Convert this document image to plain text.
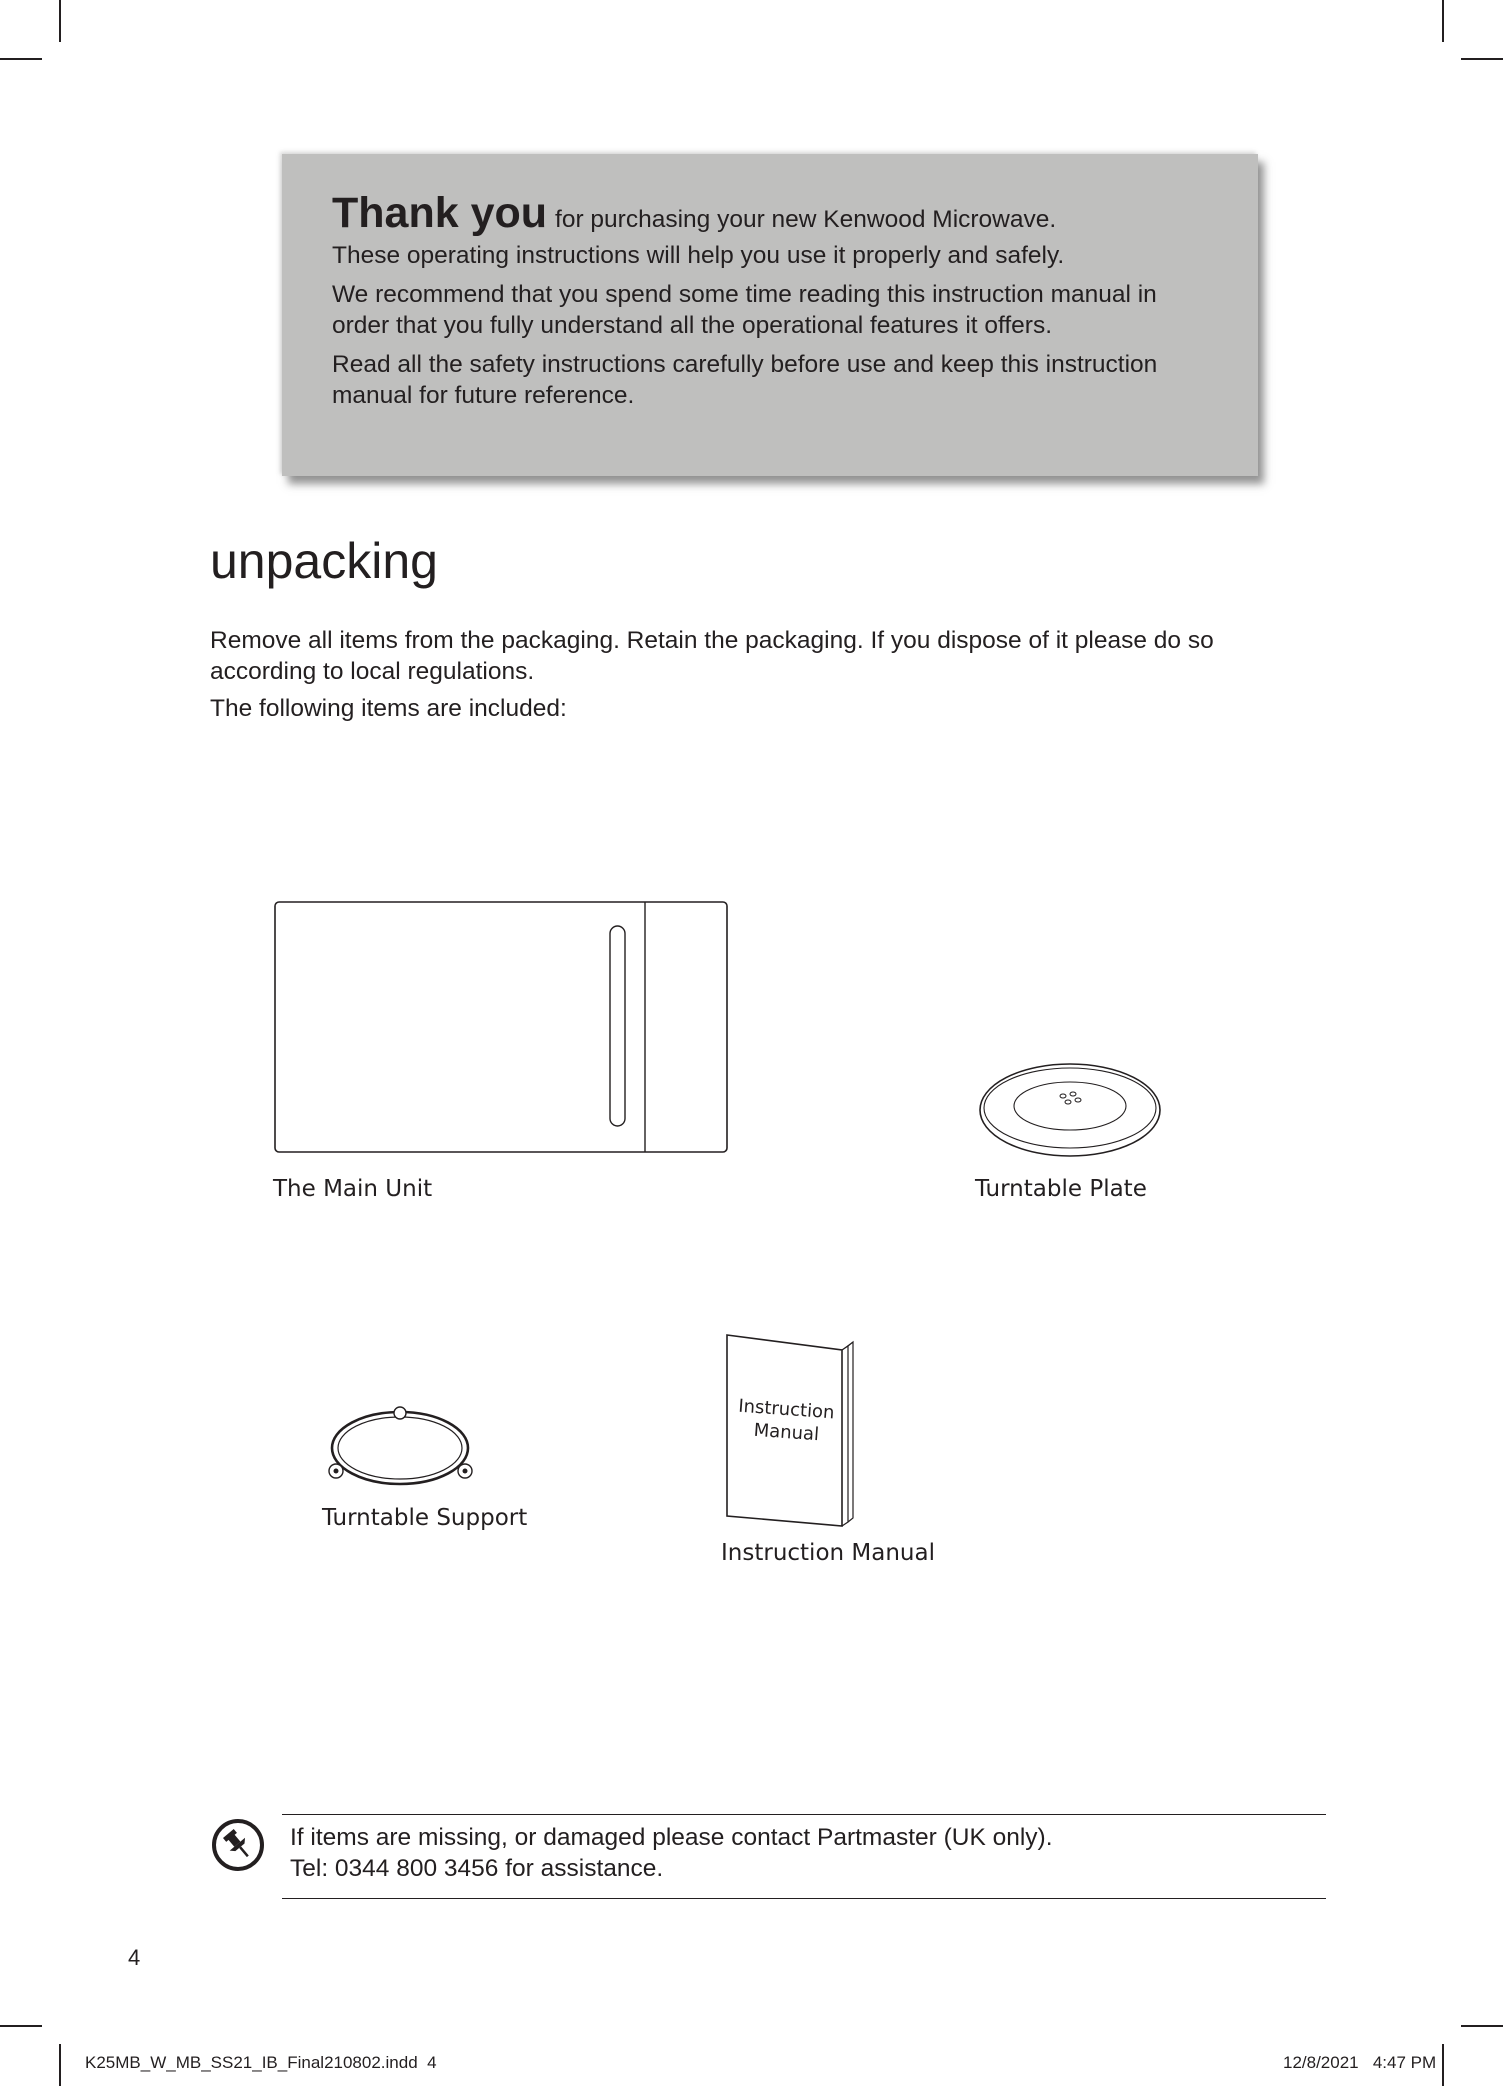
Thank you for purchasing your new Kenwood Microwave.

These operating instructions will help you use it properly and safely.

We recommend that you spend some time reading this instruction manual in order that you fully understand all the operational features it offers.

Read all the safety instructions carefully before use and keep this instruction manual for future reference.

unpacking

Remove all items from the packaging. Retain the packaging. If you dispose of it please do so according to local regulations.

The following items are included:

The Main Unit	Turntable Plate
Turntable Support
Instruction
Manual
Instruction Manual
If items are missing, or damaged please contact Partmaster (UK only).
Tel: 0344 800 3456 for assistance.
4
K25MB_W_MB_SS21_IB_Final210802.indd 4	12/8/2021 4:47 PM
